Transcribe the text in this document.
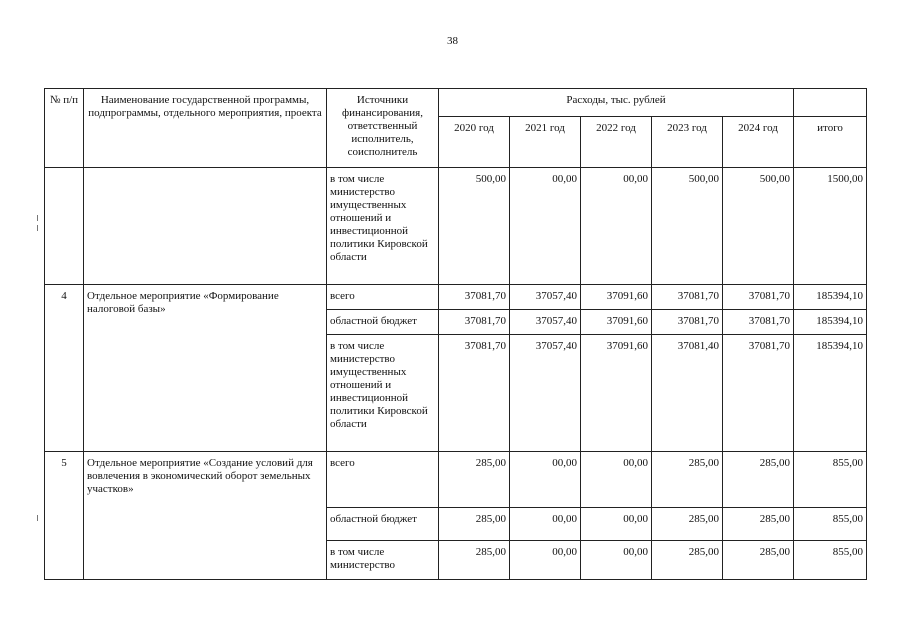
38
№ п/п	Наименование государственной программы, подпрограммы, отдельного мероприятия, проекта	Источники финансирования, ответственный исполнитель, соисполнитель	Расходы, тыс. рублей					
			2020 год	2021 год	2022 год	2023 год	2024 год	итого
		в том числе министерство имущественных отношений и инвестиционной политики Кировской области	500,00	00,00	00,00	500,00	500,00	1500,00
4	Отдельное мероприятие «Формирование налоговой базы»	всего	37081,70	37057,40	37091,60	37081,70	37081,70	185394,10
		областной бюджет	37081,70	37057,40	37091,60	37081,70	37081,70	185394,10
		в том числе министерство имущественных отношений и инвестиционной политики Кировской области	37081,70	37057,40	37091,60	37081,40	37081,70	185394,10
5	Отдельное мероприятие «Создание условий для вовлечения в экономический оборот земельных участков»	всего	285,00	00,00	00,00	285,00	285,00	855,00
		областной бюджет	285,00	00,00	00,00	285,00	285,00	855,00
		в том числе министерство	285,00	00,00	00,00	285,00	285,00	855,00
